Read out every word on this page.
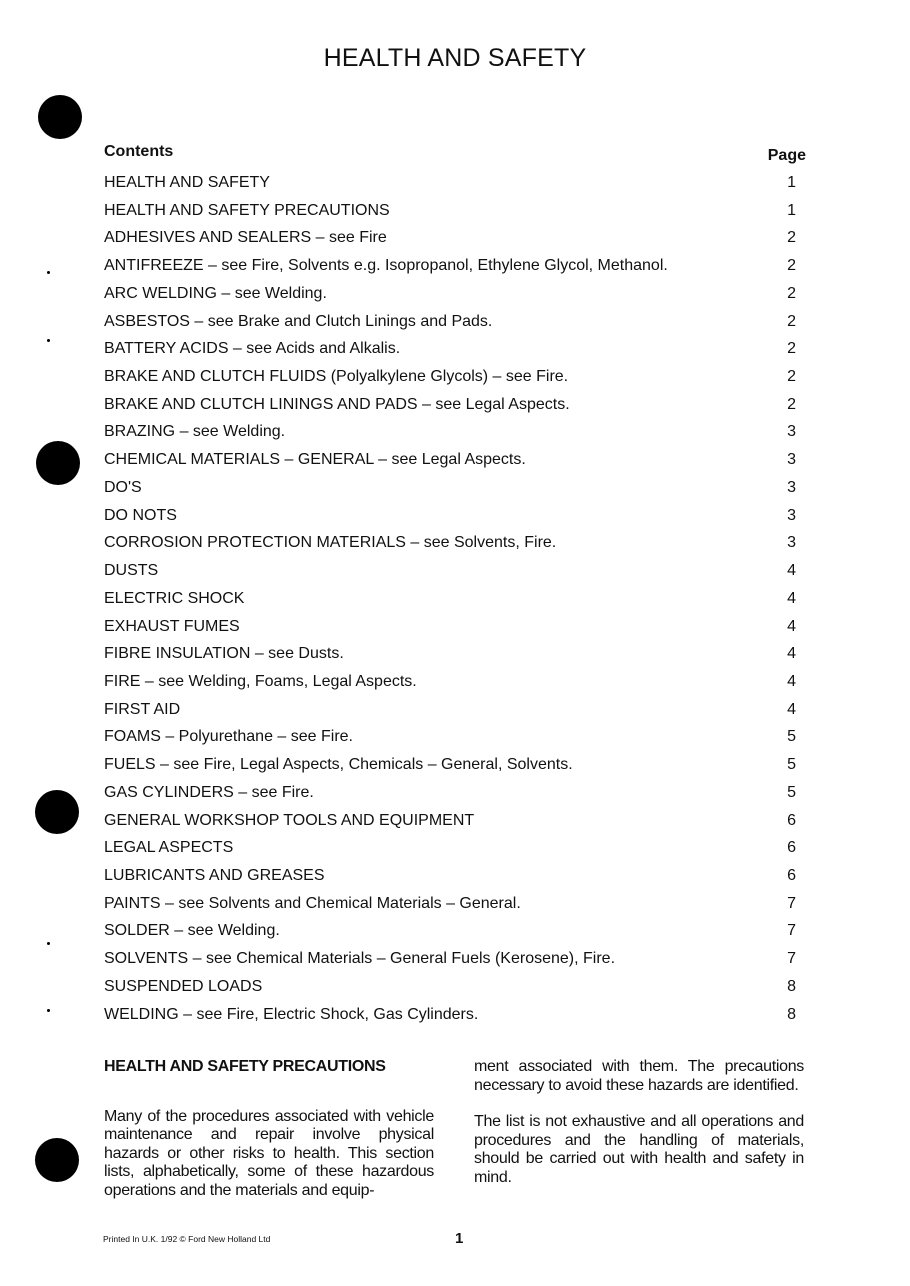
HEALTH AND SAFETY
Contents	Page
HEALTH AND SAFETY	1
HEALTH AND SAFETY PRECAUTIONS	1
ADHESIVES AND SEALERS – see Fire	2
ANTIFREEZE – see Fire, Solvents e.g. Isopropanol, Ethylene Glycol, Methanol.	2
ARC WELDING – see Welding.	2
ASBESTOS – see Brake and Clutch Linings and Pads.	2
BATTERY ACIDS – see Acids and Alkalis.	2
BRAKE AND CLUTCH FLUIDS (Polyalkylene Glycols) – see Fire.	2
BRAKE AND CLUTCH LININGS AND PADS – see Legal Aspects.	2
BRAZING – see Welding.	3
CHEMICAL MATERIALS – GENERAL – see Legal Aspects.	3
DO'S	3
DO NOTS	3
CORROSION PROTECTION MATERIALS – see Solvents, Fire.	3
DUSTS	4
ELECTRIC SHOCK	4
EXHAUST FUMES	4
FIBRE INSULATION – see Dusts.	4
FIRE – see Welding, Foams, Legal Aspects.	4
FIRST AID	4
FOAMS – Polyurethane – see Fire.	5
FUELS – see Fire, Legal Aspects, Chemicals – General, Solvents.	5
GAS CYLINDERS – see Fire.	5
GENERAL WORKSHOP TOOLS AND EQUIPMENT	6
LEGAL ASPECTS	6
LUBRICANTS AND GREASES	6
PAINTS – see Solvents and Chemical Materials – General.	7
SOLDER – see Welding.	7
SOLVENTS – see Chemical Materials – General Fuels (Kerosene), Fire.	7
SUSPENDED LOADS	8
WELDING – see Fire, Electric Shock, Gas Cylinders.	8
HEALTH AND SAFETY PRECAUTIONS

Many of the procedures associated with vehicle maintenance and repair involve physical hazards or other risks to health. This section lists, alphabetically, some of these hazardous operations and the materials and equip-

ment associated with them. The precautions necessary to avoid these hazards are identified.

The list is not exhaustive and all operations and procedures and the handling of materials, should be carried out with health and safety in mind.

Printed In U.K. 1/92 © Ford New Holland Ltd	1
